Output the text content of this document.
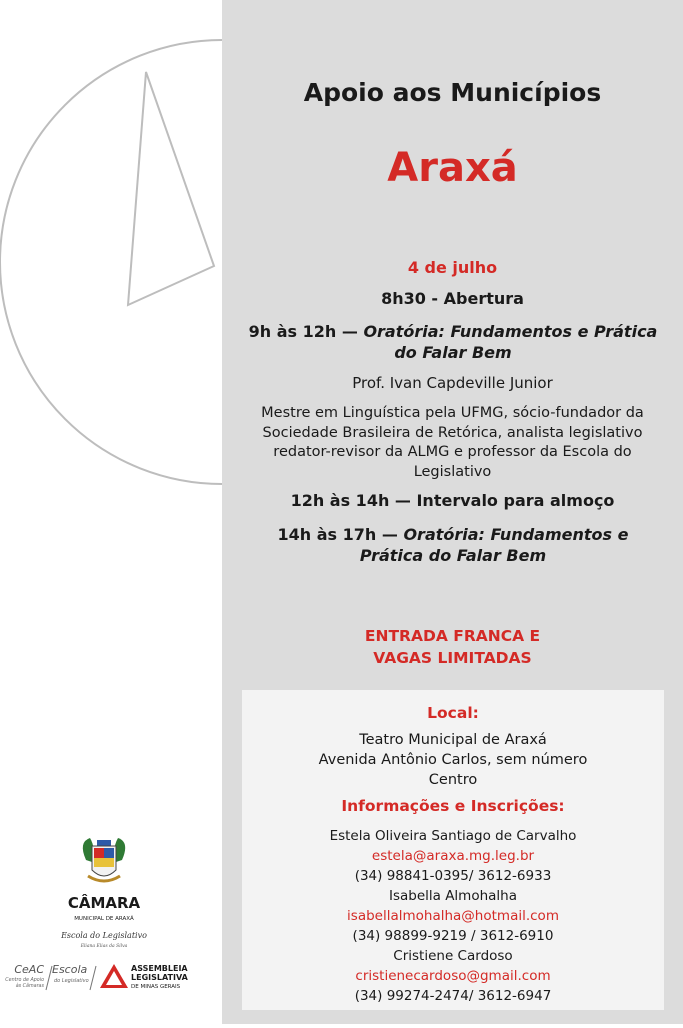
Apoio aos Municípios
Araxá
4 de julho
8h30 - Abertura
9h às 12h — Oratória: Fundamentos e Prática
do Falar Bem
Prof. Ivan Capdeville Junior
Mestre em Linguística pela UFMG, sócio-fundador da
Sociedade Brasileira de Retórica, analista legislativo
redator-revisor da ALMG e professor da Escola do
Legislativo
12h às 14h — Intervalo para almoço
14h às 17h — Oratória: Fundamentos e
Prática do Falar Bem
ENTRADA FRANCA E
VAGAS LIMITADAS
Local:
Teatro Municipal de Araxá
Avenida Antônio Carlos, sem número
Centro
Informações e Inscrições:
Estela Oliveira Santiago de Carvalho
estela@araxa.mg.leg.br
(34) 98841-0395/ 3612-6933
Isabella Almohalha
isabellalmohalha@hotmail.com
(34) 98899-9219 / 3612-6910
Cristiene Cardoso
cristienecardoso@gmail.com
(34) 99274-2474/ 3612-6947
CÂMARA
MUNICIPAL DE ARAXÁ
Escola do Legislativo
Eliana Elias da Silva
CeAC
Centro de Apoio
às Câmaras
Escola
do Legislativo
ASSEMBLEIA
LEGISLATIVA
DE MINAS GERAIS
